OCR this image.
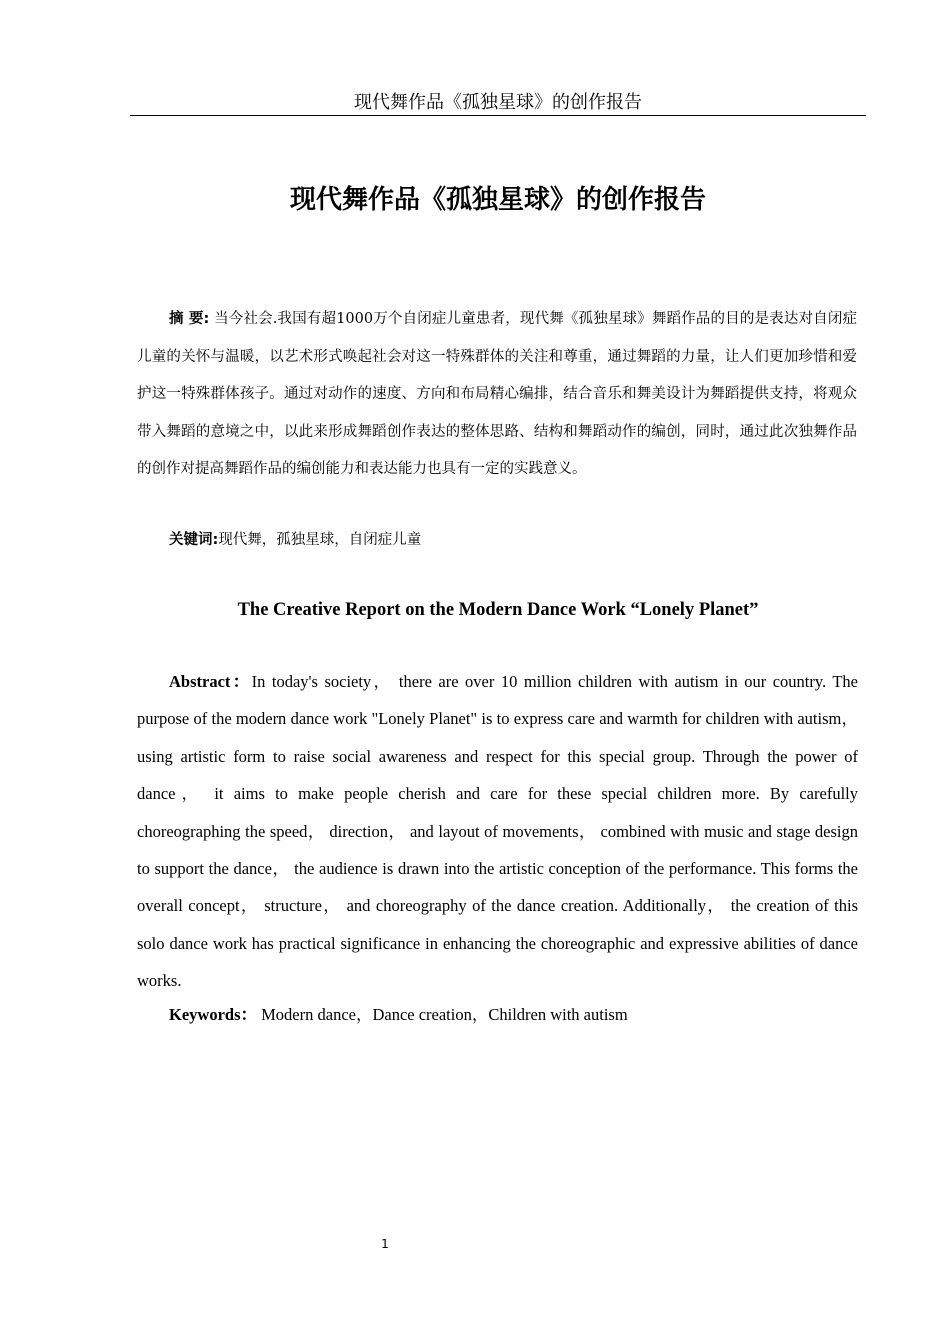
现代舞作品《孤独星球》的创作报告
现代舞作品《孤独星球》的创作报告

摘 要: 当今社会.我国有超1000万个自闭症儿童患者，现代舞《孤独星球》舞蹈作品的目的是表达对自闭症儿童的关怀与温暖，以艺术形式唤起社会对这一特殊群体的关注和尊重，通过舞蹈的力量，让人们更加珍惜和爱护这一特殊群体孩子。通过对动作的速度、方向和布局精心编排，结合音乐和舞美设计为舞蹈提供支持，将观众带入舞蹈的意境之中，以此来形成舞蹈创作表达的整体思路、结构和舞蹈动作的编创，同时，通过此次独舞作品的创作对提高舞蹈作品的编创能力和表达能力也具有一定的实践意义。

关键词:现代舞，孤独星球，自闭症儿童

The Creative Report on the Modern Dance Work “Lonely Planet”

Abstract：In today's society， there are over 10 million children with autism in our country. The purpose of the modern dance work "Lonely Planet" is to express care and warmth for children with autism， using artistic form to raise social awareness and respect for this special group. Through the power of dance， it aims to make people cherish and care for these special children more. By carefully choreographing the speed， direction， and layout of movements， combined with music and stage design to support the dance， the audience is drawn into the artistic conception of the performance. This forms the overall concept， structure， and choreography of the dance creation. Additionally， the creation of this solo dance work has practical significance in enhancing the choreographic and expressive abilities of dance works.

Keywords： Modern dance，Dance creation，Children with autism

1
